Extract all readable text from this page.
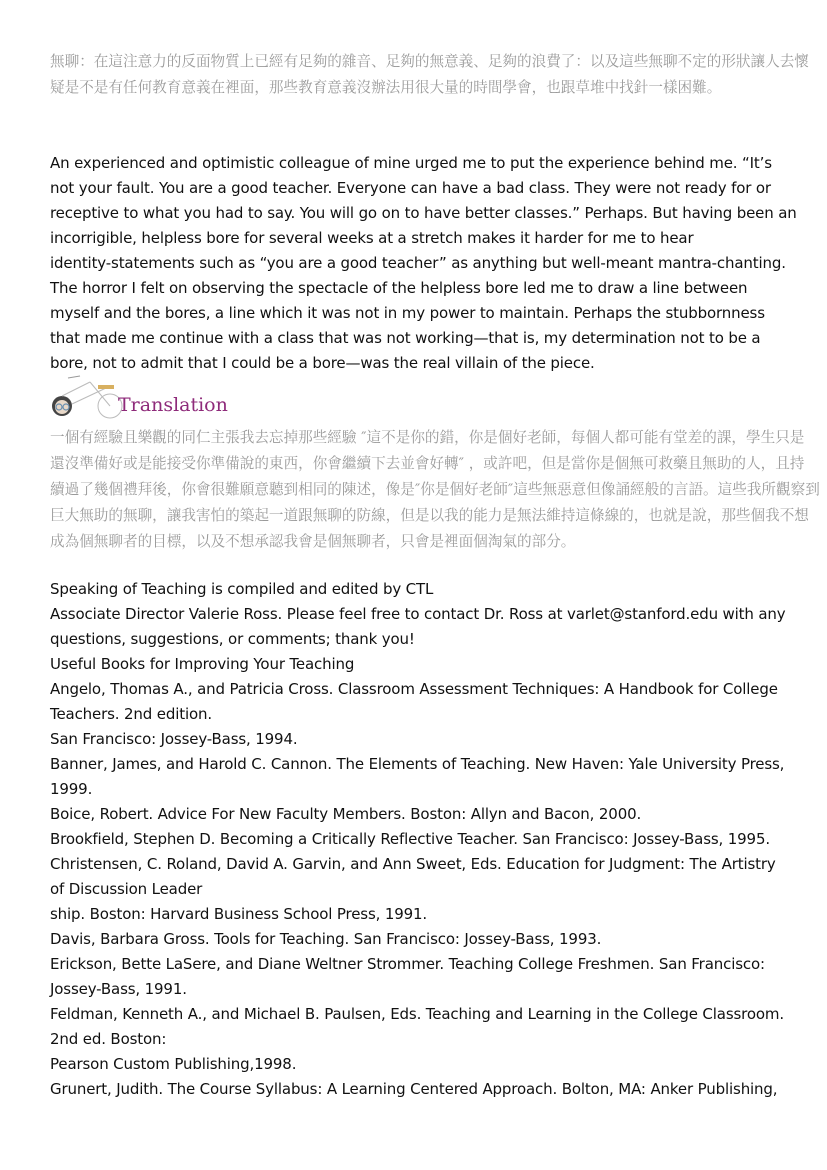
無聊：在這注意力的反面物質上已經有足夠的雜音、足夠的無意義、足夠的浪費了：以及這些無聊不定的形狀讓人去懷
疑是不是有任何教育意義在裡面，那些教育意義沒辦法用很大量的時間學會，也跟草堆中找針一樣困難。
An experienced and optimistic colleague of mine urged me to put the experience behind me. “It’s
not your fault. You are a good teacher. Everyone can have a bad class. They were not ready for or
receptive to what you had to say. You will go on to have better classes.” Perhaps. But having been an
incorrigible, helpless bore for several weeks at a stretch makes it harder for me to hear
identity-statements such as “you are a good teacher” as anything but well-meant mantra-chanting.
The horror I felt on observing the spectacle of the helpless bore led me to draw a line between
myself and the bores, a line which it was not in my power to maintain. Perhaps the stubbornness
that made me continue with a class that was not working—that is, my determination not to be a
bore, not to admit that I could be a bore—was the real villain of the piece.
Translation
一個有經驗且樂觀的同仁主張我去忘掉那些經驗 ″這不是你的錯，你是個好老師，每個人都可能有堂差的課，學生只是
還沒準備好或是能接受你準備說的東西，你會繼續下去並會好轉″ ，或許吧，但是當你是個無可救藥且無助的人，且持
續過了幾個禮拜後，你會很難願意聽到相同的陳述，像是″你是個好老師″這些無惡意但像誦經般的言語。這些我所觀察到
巨大無助的無聊，讓我害怕的築起一道跟無聊的防線，但是以我的能力是無法維持這條線的，也就是說，那些個我不想
成為個無聊者的目標，以及不想承認我會是個無聊者，只會是裡面個淘氣的部分。
Speaking of Teaching is compiled and edited by CTL
Associate Director Valerie Ross. Please feel free to contact Dr. Ross at varlet@stanford.edu with any
questions, suggestions, or comments; thank you!
Useful Books for Improving Your Teaching
Angelo, Thomas A., and Patricia Cross. Classroom Assessment Techniques: A Handbook for College
Teachers. 2nd edition.
San Francisco: Jossey-Bass, 1994.
Banner, James, and Harold C. Cannon. The Elements of Teaching. New Haven: Yale University Press,
1999.
Boice, Robert. Advice For New Faculty Members. Boston: Allyn and Bacon, 2000.
Brookfield, Stephen D. Becoming a Critically Reflective Teacher. San Francisco: Jossey-Bass, 1995.
Christensen, C. Roland, David A. Garvin, and Ann Sweet, Eds. Education for Judgment: The Artistry
of Discussion Leader
ship. Boston: Harvard Business School Press, 1991.
Davis, Barbara Gross. Tools for Teaching. San Francisco: Jossey-Bass, 1993.
Erickson, Bette LaSere, and Diane Weltner Strommer. Teaching College Freshmen. San Francisco:
Jossey-Bass, 1991.
Feldman, Kenneth A., and Michael B. Paulsen, Eds. Teaching and Learning in the College Classroom.
2nd ed. Boston:
Pearson Custom Publishing,1998.
Grunert, Judith. The Course Syllabus: A Learning Centered Approach. Bolton, MA: Anker Publishing,
